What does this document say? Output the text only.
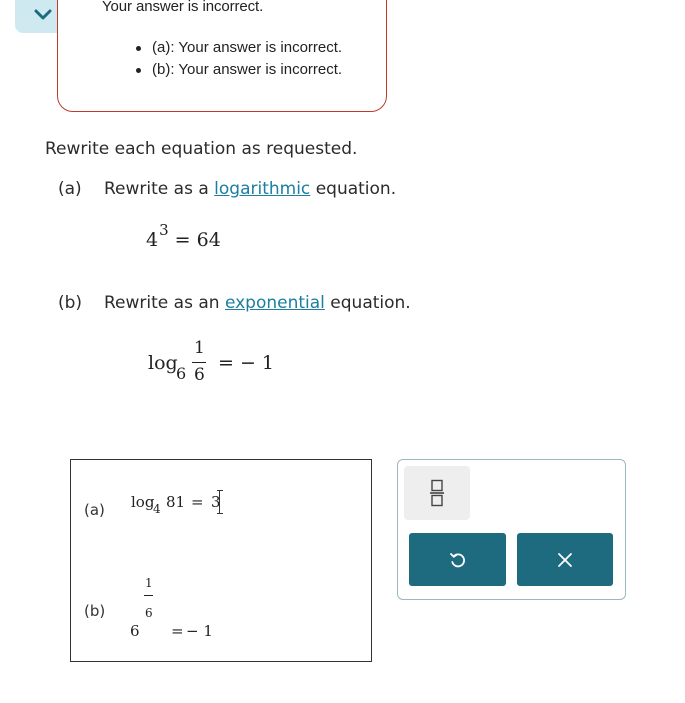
Your answer is incorrect.
(a): Your answer is incorrect.
(b): Your answer is incorrect.
Rewrite each equation as requested.
(a) Rewrite as a logarithmic equation.
$4^3 = 64$
(b) Rewrite as an exponential equation.
log
6
1
6
= − 1
(a) log
4 81 = 3
(b)
1
6
6 = − 1
